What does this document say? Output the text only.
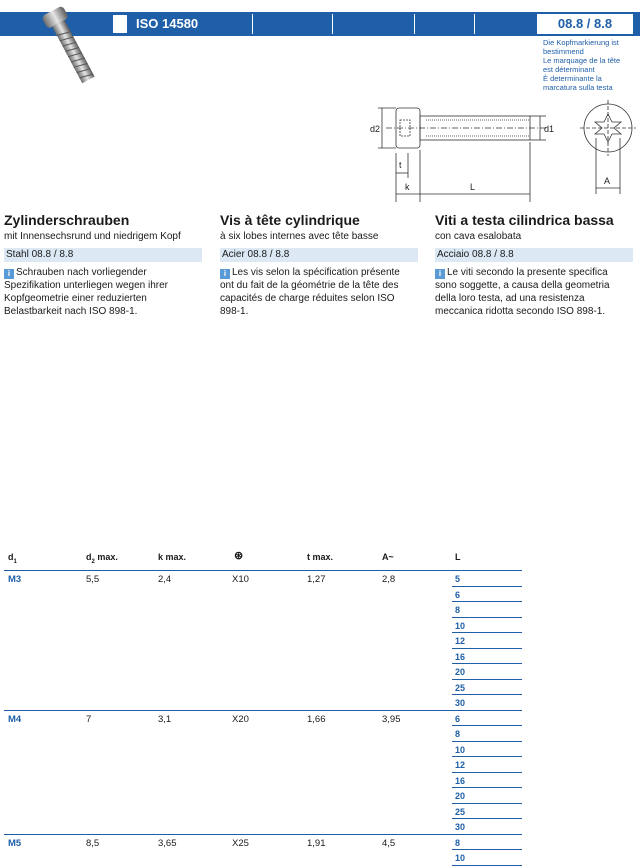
ISO 14580	08.8 / 8.8
Die Kopfmarkierung ist
bestimmend
Le marquage de la tête
est déterminant
È determinante la
marcatura sulla testa
d2	d1
t
k	L
A
Zylinderschrauben
mit Innensechsrund und niedrigem Kopf
Stahl 08.8 / 8.8
i Schrauben nach vorliegender Spezifikation unterliegen wegen ihrer Kopfgeometrie einer reduzierten Belastbarkeit nach ISO 898-1.
Vis à tête cylindrique
à six lobes internes avec tête basse
Acier 08.8 / 8.8
i Les vis selon la spécification présente ont du fait de la géométrie de la tête des capacités de charge réduites selon ISO 898-1.
Viti a testa cilindrica bassa
con cava esalobata
Acciaio 08.8 / 8.8
i Le viti secondo la presente specifica sono soggette, a causa della geometria della loro testa, ad una resistenza meccanica ridotta secondo ISO 898-1.
$d_1$	$d_2$ max.	k max.	⊛	t max.	A~	L
M3	5,5	2,4	X10	1,27	2,8	5
6
8
10
12
16
20
25
30
M4	7	3,1	X20	1,66	3,95	6
8
10
12
16
20
25
30
M5	8,5	3,65	X25	1,91	4,5	8
10
